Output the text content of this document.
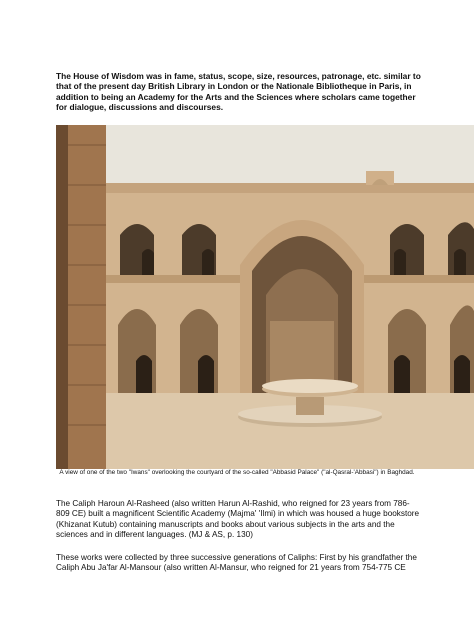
The House of Wisdom was in fame, status, scope, size, resources, patronage, etc. similar to that of the present day British Library in London or the Nationale Bibliotheque in Paris, in addition to being an Academy for the Arts and the Sciences where scholars came together for dialogue, discussions and discourses.
A view of one of the two "Iwans" overlooking the courtyard of the so-called "Abbasid Palace" ("al-Qasral-'Abbasi") in Baghdad.
The Caliph Haroun Al-Rasheed (also written Harun Al-Rashid, who reigned for 23 years from 786-809 CE) built a magnificent Scientific Academy (Majma' 'Ilmi) in which was housed a huge bookstore (Khizanat Kutub) containing manuscripts and books about various subjects in the arts and the sciences and in different languages. (MJ & AS, p. 130)
These works were collected by three successive generations of Caliphs: First by his grandfather the Caliph Abu Ja'far Al-Mansour (also written Al-Mansur, who reigned for 21 years from 754-775 CE
